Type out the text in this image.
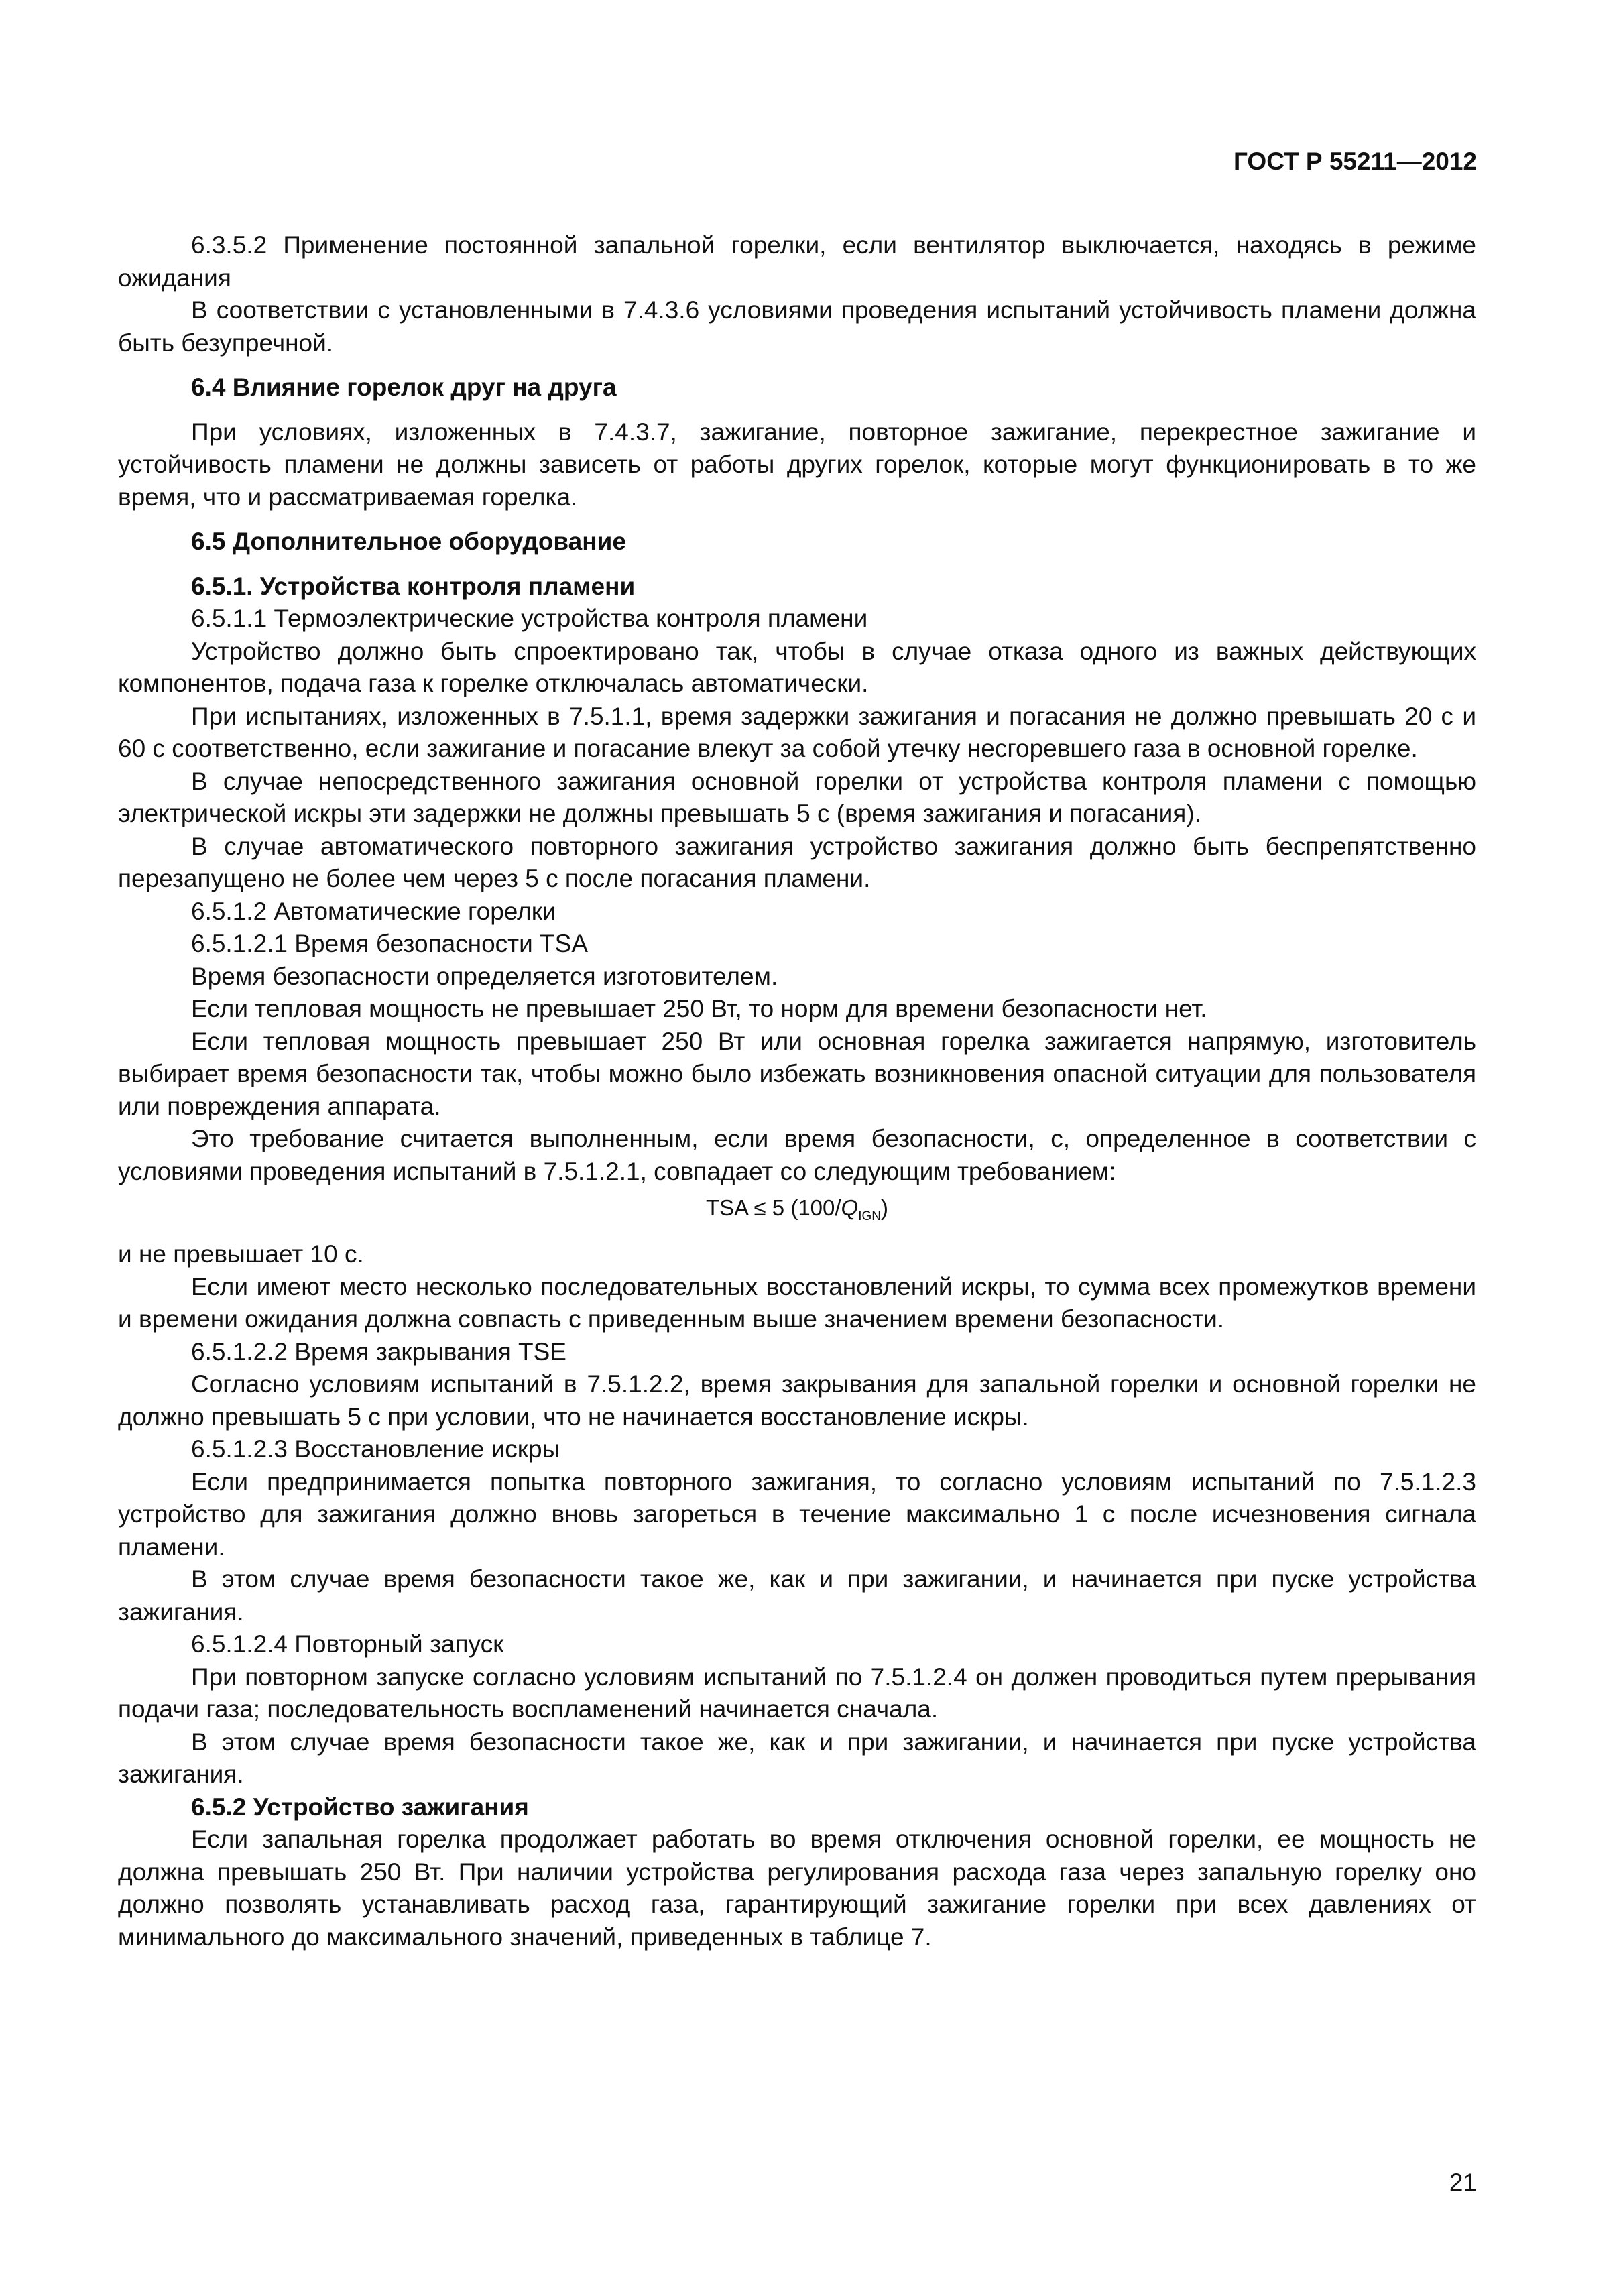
ГОСТ Р 55211—2012

6.3.5.2 Применение постоянной запальной горелки, если вентилятор выключается, находясь в режиме ожидания

В соответствии с установленными в 7.4.3.6 условиями проведения испытаний устойчивость пламени должна быть безупречной.

6.4 Влияние горелок друг на друга

При условиях, изложенных в 7.4.3.7, зажигание, повторное зажигание, перекрестное зажигание и устойчивость пламени не должны зависеть от работы других горелок, которые могут функционировать в то же время, что и рассматриваемая горелка.

6.5 Дополнительное оборудование
6.5.1. Устройства контроля пламени

6.5.1.1 Термоэлектрические устройства контроля пламени

Устройство должно быть спроектировано так, чтобы в случае отказа одного из важных действующих компонентов, подача газа к горелке отключалась автоматически.

При испытаниях, изложенных в 7.5.1.1, время задержки зажигания и погасания не должно превышать 20 с и 60 с соответственно, если зажигание и погасание влекут за собой утечку несгоревшего газа в основной горелке.

В случае непосредственного зажигания основной горелки от устройства контроля пламени с помощью электрической искры эти задержки не должны превышать 5 с (время зажигания и погасания).

В случае автоматического повторного зажигания устройство зажигания должно быть беспрепятственно перезапущено не более чем через 5 с после погасания пламени.

6.5.1.2 Автоматические горелки

6.5.1.2.1 Время безопасности TSA

Время безопасности определяется изготовителем.

Если тепловая мощность не превышает 250 Вт, то норм для времени безопасности нет.

Если тепловая мощность превышает 250 Вт или основная горелка зажигается напрямую, изготовитель выбирает время безопасности так, чтобы можно было избежать возникновения опасной ситуации для пользователя или повреждения аппарата.

Это требование считается выполненным, если время безопасности, с, определенное в соответствии с условиями проведения испытаний в 7.5.1.2.1, совпадает со следующим требованием:

TSA ≤ 5 $(100/Q_{IGN})$

и не превышает 10 с.

Если имеют место несколько последовательных восстановлений искры, то сумма всех промежутков времени и времени ожидания должна совпасть с приведенным выше значением времени безопасности.

6.5.1.2.2 Время закрывания TSE

Согласно условиям испытаний в 7.5.1.2.2, время закрывания для запальной горелки и основной горелки не должно превышать 5 с при условии, что не начинается восстановление искры.

6.5.1.2.3 Восстановление искры

Если предпринимается попытка повторного зажигания, то согласно условиям испытаний по 7.5.1.2.3 устройство для зажигания должно вновь загореться в течение максимально 1 с после исчезновения сигнала пламени.

В этом случае время безопасности такое же, как и при зажигании, и начинается при пуске устройства зажигания.

6.5.1.2.4 Повторный запуск

При повторном запуске согласно условиям испытаний по 7.5.1.2.4 он должен проводиться путем прерывания подачи газа; последовательность воспламенений начинается сначала.

В этом случае время безопасности такое же, как и при зажигании, и начинается при пуске устройства зажигания.

6.5.2 Устройство зажигания

Если запальная горелка продолжает работать во время отключения основной горелки, ее мощность не должна превышать 250 Вт. При наличии устройства регулирования расхода газа через запальную горелку оно должно позволять устанавливать расход газа, гарантирующий зажигание горелки при всех давлениях от минимального до максимального значений, приведенных в таблице 7.

21
